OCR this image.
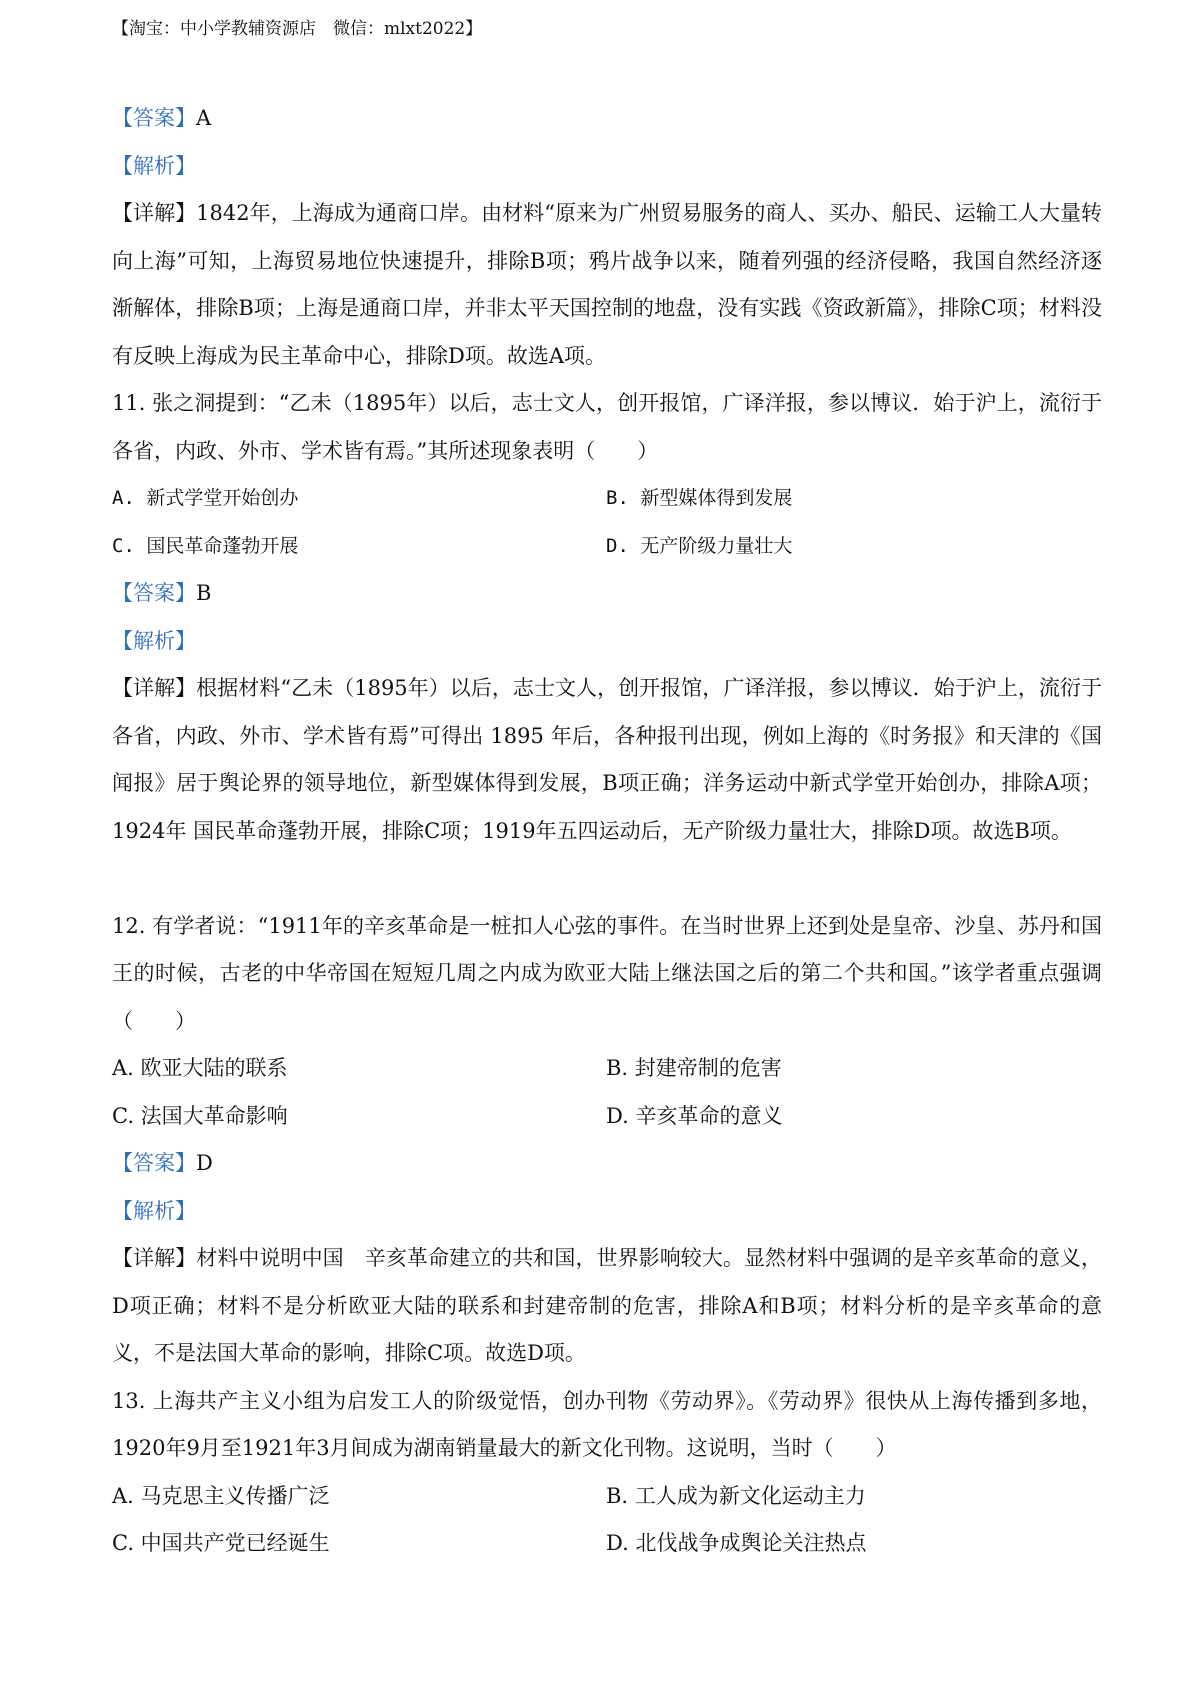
【淘宝：中小学教辅资源店　微信：mlxt2022】
【答案】A
【解析】
【详解】1842年，上海成为通商口岸。由材料“原来为广州贸易服务的商人、买办、船民、运输工人大量转向上海”可知，上海贸易地位快速提升，排除B项；鸦片战争以来，随着列强的经济侵略，我国自然经济逐渐解体，排除B项；上海是通商口岸，并非太平天国控制的地盘，没有实践《资政新篇》，排除C项；材料没有反映上海成为民主革命中心，排除D项。故选A项。
11. 张之洞提到：“乙未（1895年）以后，志士文人，创开报馆，广译洋报，参以博议．始于沪上，流衍于各省，内政、外市、学术皆有焉。”其所述现象表明（　　）
A. 新式学堂开始创办	B. 新型媒体得到发展
C. 国民革命蓬勃开展	D. 无产阶级力量壮大
【答案】B
【解析】
【详解】根据材料“乙未（1895年）以后，志士文人，创开报馆，广译洋报，参以博议．始于沪上，流衍于各省，内政、外市、学术皆有焉”可得出 1895 年后，各种报刊出现，例如上海的《时务报》和天津的《国闻报》居于舆论界的领导地位，新型媒体得到发展，B项正确；洋务运动中新式学堂开始创办，排除A项；1924年 国民革命蓬勃开展，排除C项；1919年五四运动后，无产阶级力量壮大，排除D项。故选B项。
12. 有学者说：“1911年的辛亥革命是一桩扣人心弦的事件。在当时世界上还到处是皇帝、沙皇、苏丹和国王的时候，古老的中华帝国在短短几周之内成为欧亚大陆上继法国之后的第二个共和国。”该学者重点强调（　　）
A. 欧亚大陆的联系	B. 封建帝制的危害
C. 法国大革命影响	D. 辛亥革命的意义
【答案】D
【解析】
【详解】材料中说明中国　辛亥革命建立的共和国，世界影响较大。显然材料中强调的是辛亥革命的意义，D项正确；材料不是分析欧亚大陆的联系和封建帝制的危害，排除A和B项；材料分析的是辛亥革命的意义，不是法国大革命的影响，排除C项。故选D项。
13. 上海共产主义小组为启发工人的阶级觉悟，创办刊物《劳动界》。《劳动界》很快从上海传播到多地，1920年9月至1921年3月间成为湖南销量最大的新文化刊物。这说明，当时（　　）
A. 马克思主义传播广泛	B. 工人成为新文化运动主力
C. 中国共产党已经诞生	D. 北伐战争成舆论关注热点
